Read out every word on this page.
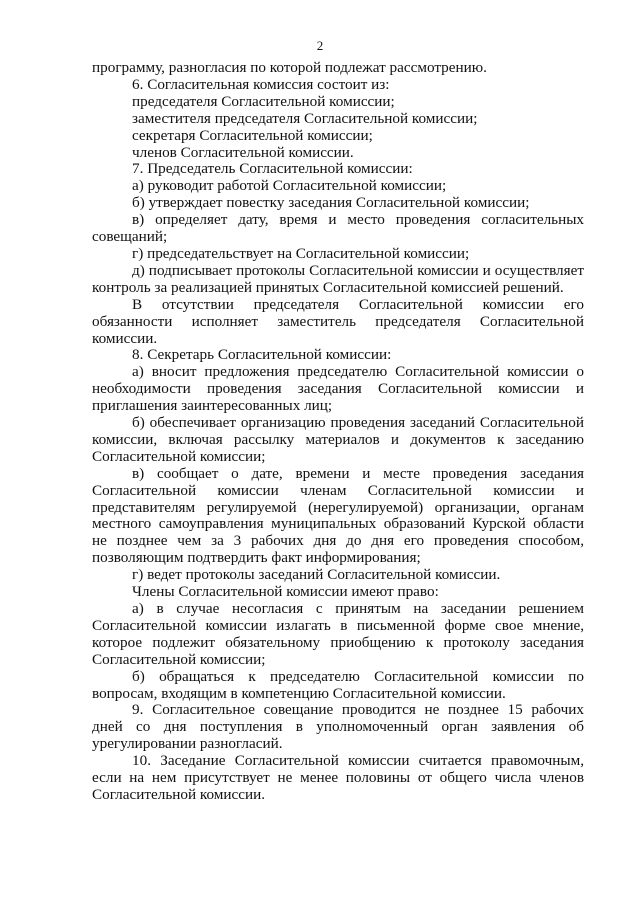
2

программу, разногласия по которой подлежат рассмотрению.

6. Согласительная комиссия состоит из:

председателя Согласительной комиссии;

заместителя председателя Согласительной комиссии;

секретаря Согласительной комиссии;

членов Согласительной комиссии.

7. Председатель Согласительной комиссии:

а) руководит работой Согласительной комиссии;

б) утверждает повестку заседания Согласительной комиссии;

в) определяет дату, время и место проведения согласительных совещаний;

г) председательствует на Согласительной комиссии;

д) подписывает протоколы Согласительной комиссии и осуществляет контроль за реализацией принятых Согласительной комиссией решений.

В отсутствии председателя Согласительной комиссии его обязанности исполняет заместитель председателя Согласительной комиссии.

8. Секретарь Согласительной комиссии:

а) вносит предложения председателю Согласительной комиссии о необходимости проведения заседания Согласительной комиссии и приглашения заинтересованных лиц;

б) обеспечивает организацию проведения заседаний Согласительной комиссии, включая рассылку материалов и документов к заседанию Согласительной комиссии;

в) сообщает о дате, времени и месте проведения заседания Согласительной комиссии членам Согласительной комиссии и представителям регулируемой (нерегулируемой) организации, органам местного самоуправления муниципальных образований Курской области не позднее чем за 3 рабочих дня до дня его проведения способом, позволяющим подтвердить факт информирования;

г) ведет протоколы заседаний Согласительной комиссии.

Члены Согласительной комиссии имеют право:

а) в случае несогласия с принятым на заседании решением Согласительной комиссии излагать в письменной форме свое мнение, которое подлежит обязательному приобщению к протоколу заседания Согласительной комиссии;

б) обращаться к председателю Согласительной комиссии по вопросам, входящим в компетенцию Согласительной комиссии.

9. Согласительное совещание проводится не позднее 15 рабочих дней со дня поступления в уполномоченный орган заявления об урегулировании разногласий.

10. Заседание Согласительной комиссии считается правомочным, если на нем присутствует не менее половины от общего числа членов Согласительной комиссии.
